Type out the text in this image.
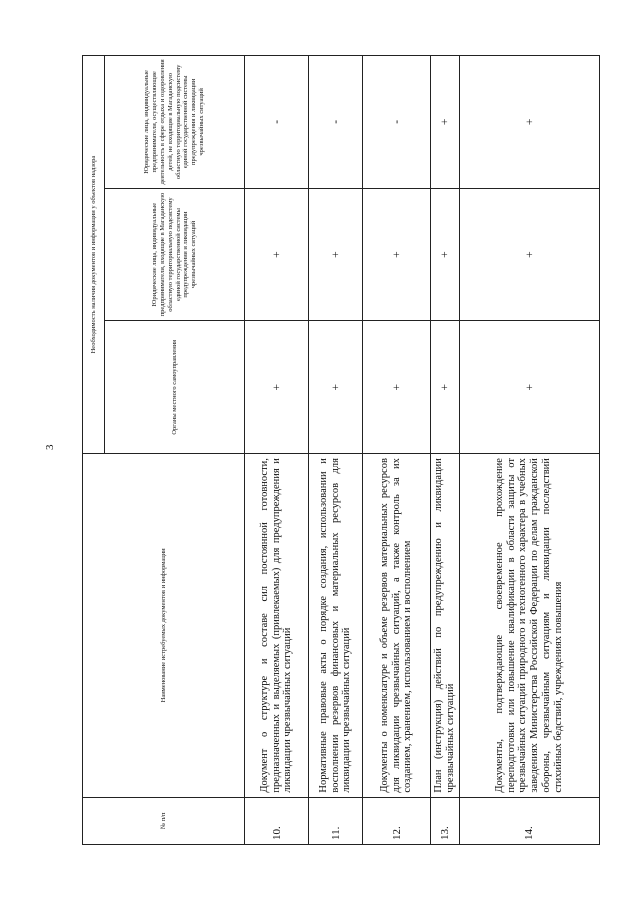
3
№ п/п	Наименование истребуемых документов и информации	Необходимость наличия документов и информации у объектов надзора		
		Органы местного самоуправления	Юридические лица, индивидуальные предприниматели, входящие в Магаданскую областную территориальную подсистему единой государственной системы предупреждения и ликвидации чрезвычайных ситуаций	Юридические лица, индивидуальные предприниматели, осуществляющие деятельность в сфере отдыха и оздоровления детей, не входящие в Магаданскую областную территориальную подсистему единой государственной системы предупреждения и ликвидации чрезвычайных ситуаций
10.	Документ о структуре и составе сил постоянной готовности, предназначенных и выделяемых (привлекаемых) для предупреждения и ликвидации чрезвычайных ситуаций	+	+	-
11.	Нормативные правовые акты о порядке создания, использовании и восполнении резервов финансовых и материальных ресурсов для ликвидации чрезвычайных ситуаций	+	+	-
12.	Документы о номенклатуре и объеме резервов материальных ресурсов для ликвидации чрезвычайных ситуаций, а также контроль за их созданием, хранением, использованием и восполнением	+	+	-
13.	План (инструкция) действий по предупреждению и ликвидации чрезвычайных ситуаций	+	+	+
14.	Документы, подтверждающие своевременное прохождение переподготовки или повышение квалификации в области защиты от чрезвычайных ситуаций природного и техногенного характера в учебных заведениях Министерства Российской Федерации по делам гражданской обороны, чрезвычайным ситуациям и ликвидации последствий стихийных бедствий, учреждениях повышения	+	+	+
